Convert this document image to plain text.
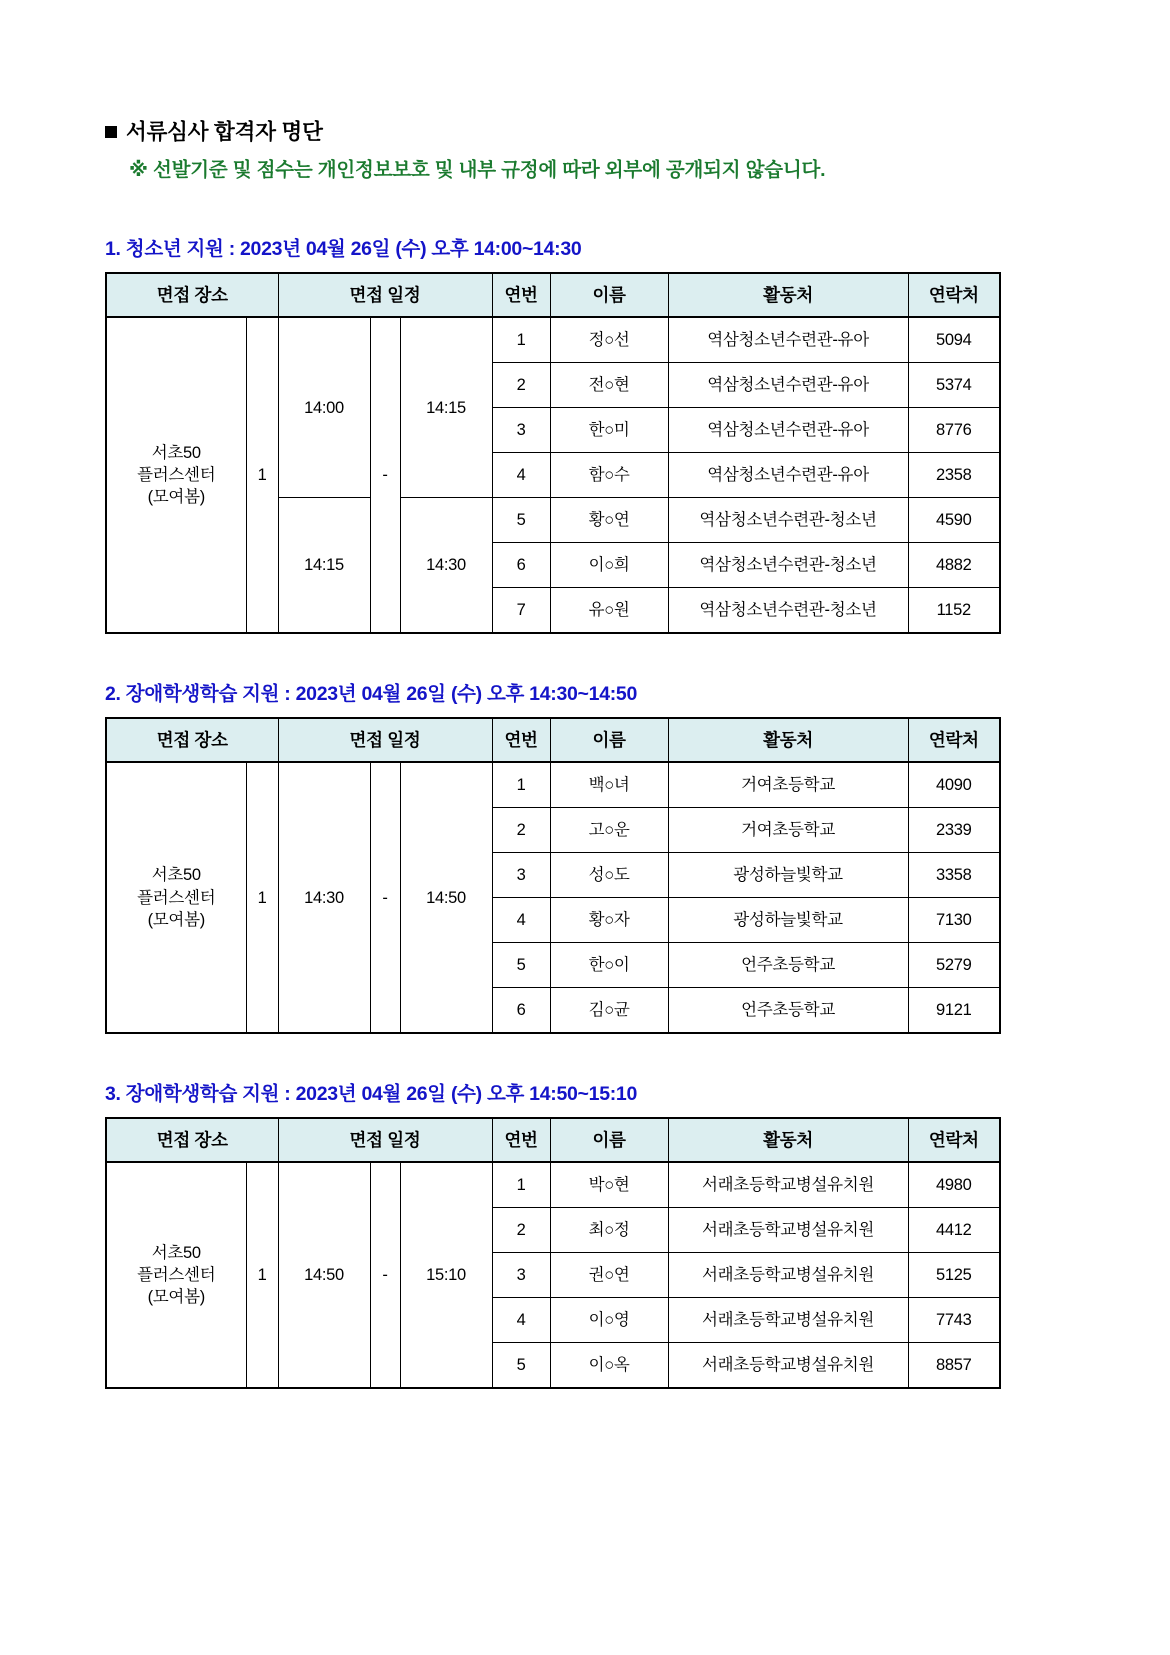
서류심사 합격자 명단
※ 선발기준 및 점수는 개인정보보호 및 내부 규정에 따라 외부에 공개되지 않습니다.
1. 청소년 지원 : 2023년 04월 26일 (수) 오후 14:00~14:30
면접 장소		면접 일정			연번	이름	활동처	연락처

서초50
플러스센터
(모여봄)	1	14:00	-	14:15	1	정○선	역삼청소년수련관-유아	5094
					2	전○현	역삼청소년수련관-유아	5374
					3	한○미	역삼청소년수련관-유아	8776
					4	함○수	역삼청소년수련관-유아	2358
		14:15		14:30	5	황○연	역삼청소년수련관-청소년	4590
					6	이○희	역삼청소년수련관-청소년	4882
					7	유○원	역삼청소년수련관-청소년	1152
2. 장애학생학습 지원 : 2023년 04월 26일 (수) 오후 14:30~14:50
면접 장소		면접 일정			연번	이름	활동처	연락처

서초50
플러스센터
(모여봄)	1	14:30	-	14:50	1	백○녀	거여초등학교	4090
					2	고○운	거여초등학교	2339
					3	성○도	광성하늘빛학교	3358
					4	황○자	광성하늘빛학교	7130
					5	한○이	언주초등학교	5279
					6	김○균	언주초등학교	9121
3. 장애학생학습 지원 : 2023년 04월 26일 (수) 오후 14:50~15:10
면접 장소		면접 일정			연번	이름	활동처	연락처

서초50
플러스센터
(모여봄)	1	14:50	-	15:10	1	박○현	서래초등학교병설유치원	4980
					2	최○정	서래초등학교병설유치원	4412
					3	권○연	서래초등학교병설유치원	5125
					4	이○영	서래초등학교병설유치원	7743
					5	이○옥	서래초등학교병설유치원	8857
